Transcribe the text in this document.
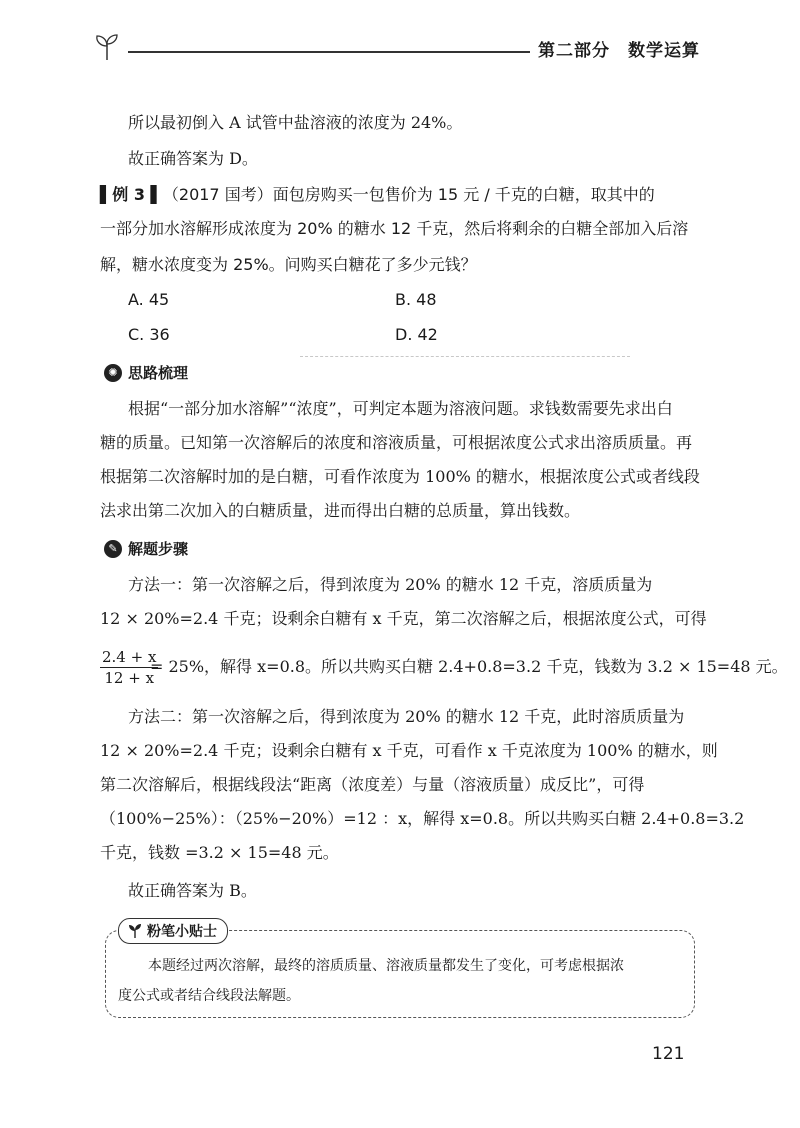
第二部分　数学运算
所以最初倒入 A 试管中盐溶液的浓度为 24%。
故正确答案为 D。
▌例 3 ▌（2017 国考）面包房购买一包售价为 15 元 / 千克的白糖，取其中的
一部分加水溶解形成浓度为 20% 的糖水 12 千克，然后将剩余的白糖全部加入后溶
解，糖水浓度变为 25%。问购买白糖花了多少元钱？
A. 45	B. 48
C. 36	D. 42
✺ 思路梳理
根据“一部分加水溶解”“浓度”，可判定本题为溶液问题。求钱数需要先求出白
糖的质量。已知第一次溶解后的浓度和溶液质量，可根据浓度公式求出溶质质量。再
根据第二次溶解时加的是白糖，可看作浓度为 100% 的糖水，根据浓度公式或者线段
法求出第二次加入的白糖质量，进而得出白糖的总质量，算出钱数。
✎ 解题步骤
方法一：第一次溶解之后，得到浓度为 20% 的糖水 12 千克，溶质质量为
12 × 20%=2.4 千克；设剩余白糖有 x 千克，第二次溶解之后，根据浓度公式，可得
$\frac{2.4 + x}{12 + x}$
= 25%，解得 x=0.8。所以共购买白糖 2.4+0.8=3.2 千克，钱数为 3.2 × 15=48 元。
方法二：第一次溶解之后，得到浓度为 20% 的糖水 12 千克，此时溶质质量为
12 × 20%=2.4 千克；设剩余白糖有 x 千克，可看作 x 千克浓度为 100% 的糖水，则
第二次溶解后，根据线段法“距离（浓度差）与量（溶液质量）成反比”，可得
（100%−25%）：（25%−20%）=12 ：x，解得 x=0.8。所以共购买白糖 2.4+0.8=3.2
千克，钱数 =3.2 × 15=48 元。
故正确答案为 B。
粉笔小贴士
本题经过两次溶解，最终的溶质质量、溶液质量都发生了变化，可考虑根据浓
度公式或者结合线段法解题。
121
